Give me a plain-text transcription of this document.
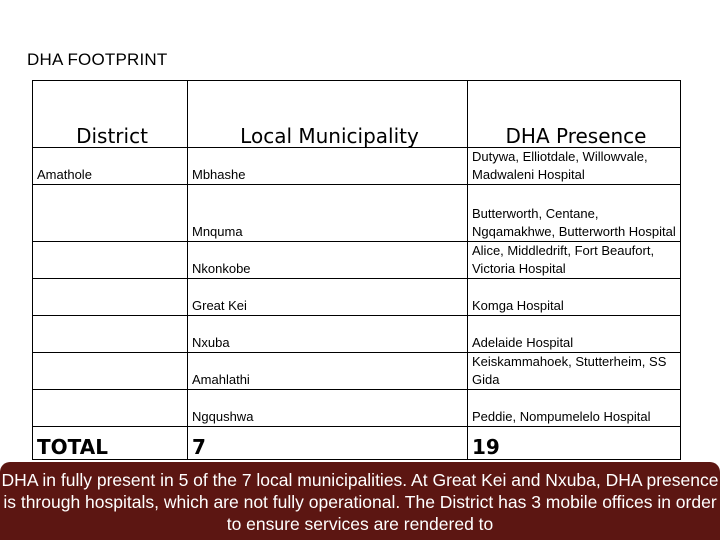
DHA FOOTPRINT
District	Local Municipality	DHA Presence
Amathole	Mbhashe	Dutywa, Elliotdale, Willowvale, Madwaleni Hospital
	Mnquma	Butterworth, Centane, Ngqamakhwe, Butterworth Hospital
	Nkonkobe	Alice, Middledrift, Fort Beaufort, Victoria Hospital
	Great Kei	Komga Hospital
	Nxuba	Adelaide Hospital
	Amahlathi	Keiskammahoek, Stutterheim, SS Gida
	Ngqushwa	Peddie, Nompumelelo Hospital
TOTAL	7	19
DHA in fully present in 5 of the 7 local municipalities. At Great Kei and Nxuba, DHA presence is through hospitals, which are not fully operational. The District has 3 mobile offices in order to ensure services are rendered to
